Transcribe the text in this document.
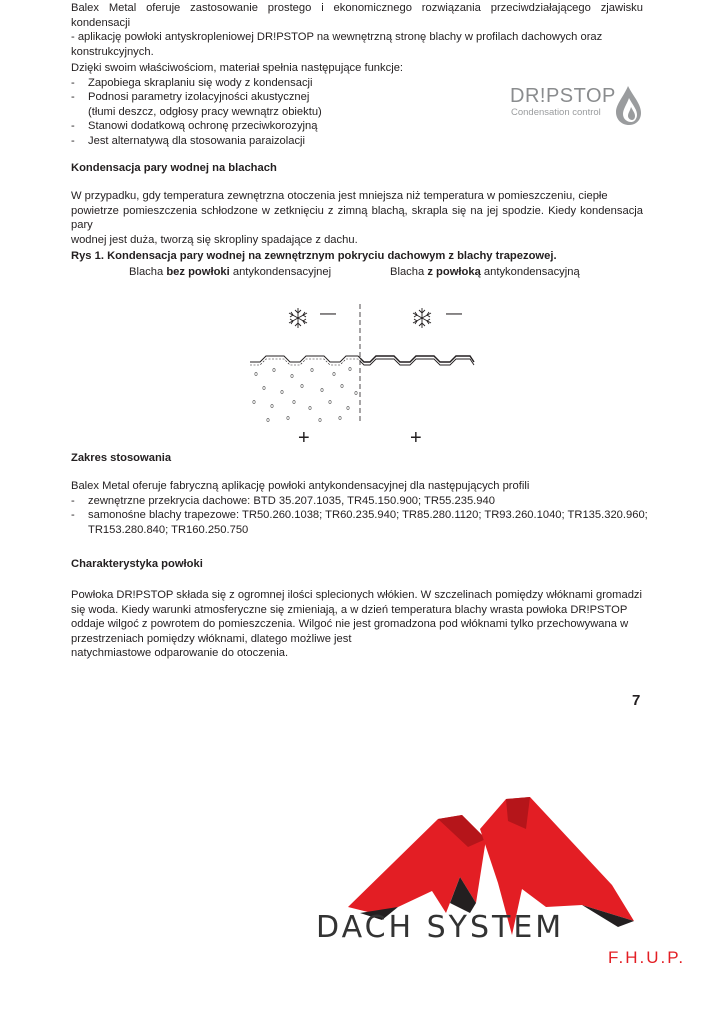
Balex Metal oferuje zastosowanie prostego i ekonomicznego rozwiązania przeciwdziałającego zjawisku kondensacji
- aplikację powłoki antyskropleniowej DR!PSTOP na wewnętrzną stronę blachy w profilach dachowych oraz
konstrukcyjnych.
Dzięki swoim właściwościom, materiał spełnia następujące funkcje:
- Zapobiega skraplaniu się wody z kondensacji
- Podnosi parametry izolacyjności akustycznej
(tłumi deszcz, odgłosy pracy wewnątrz obiektu)
- Stanowi dodatkową ochronę przeciwkorozyjną
- Jest alternatywą dla stosowania paraizolacji
DR!PSTOP
Condensation control
Kondensacja pary wodnej na blachach
W przypadku, gdy temperatura zewnętrzna otoczenia jest mniejsza niż temperatura w pomieszczeniu, ciepłe
powietrze pomieszczenia schłodzone w zetknięciu z zimną blachą, skrapla się na jej spodzie. Kiedy kondensacja pary
wodnej jest duża, tworzą się skropliny spadające z dachu.
Rys 1. Kondensacja pary wodnej na zewnętrznym pokryciu dachowym z blachy trapezowej.
Blacha bez powłoki antykondensacyjnej	Blacha z powłoką antykondensacyjną
—	—
+	+
Zakres stosowania
Balex Metal oferuje fabryczną aplikację powłoki antykondensacyjnej dla następujących profili
- zewnętrzne przekrycia dachowe: BTD 35.207.1035, TR45.150.900; TR55.235.940
- samonośne blachy trapezowe: TR50.260.1038; TR60.235.940; TR85.280.1120; TR93.260.1040; TR135.320.960;
TR153.280.840; TR160.250.750
Charakterystyka powłoki
Powłoka DR!PSTOP składa się z ogromnej ilości splecionych włókien. W szczelinach pomiędzy włóknami gromadzi
się woda. Kiedy warunki atmosferyczne się zmieniają, a w dzień temperatura blachy wrasta powłoka DR!PSTOP
oddaje wilgoć z powrotem do pomieszczenia. Wilgoć nie jest gromadzona pod włóknami tylko przechowywana w
przestrzeniach pomiędzy włóknami, dlatego możliwe jest
natychmiastowe odparowanie do otoczenia.
7
DACH SYSTEM
F.H.U.P.
